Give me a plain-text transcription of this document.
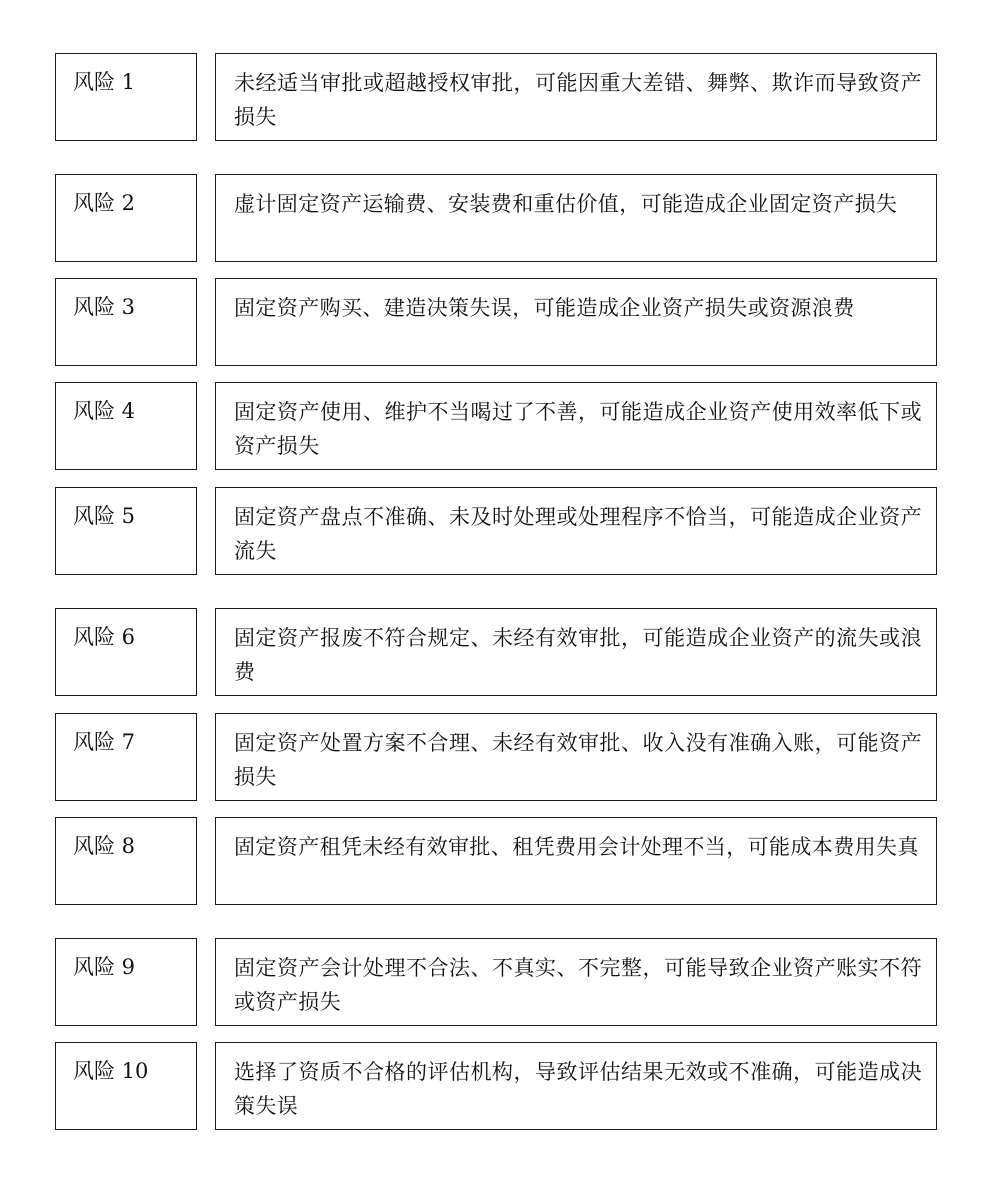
风险 1	未经适当审批或超越授权审批，可能因重大差错、舞弊、欺诈而导致资产损失
风险 2	虚计固定资产运输费、安装费和重估价值，可能造成企业固定资产损失
风险 3	固定资产购买、建造决策失误，可能造成企业资产损失或资源浪费
风险 4	固定资产使用、维护不当喝过了不善，可能造成企业资产使用效率低下或资产损失
风险 5	固定资产盘点不准确、未及时处理或处理程序不恰当，可能造成企业资产流失
风险 6	固定资产报废不符合规定、未经有效审批，可能造成企业资产的流失或浪费
风险 7	固定资产处置方案不合理、未经有效审批、收入没有准确入账，可能资产损失
风险 8	固定资产租凭未经有效审批、租凭费用会计处理不当，可能成本费用失真
风险 9	固定资产会计处理不合法、不真实、不完整，可能导致企业资产账实不符或资产损失
风险 10	选择了资质不合格的评估机构，导致评估结果无效或不准确，可能造成决策失误
